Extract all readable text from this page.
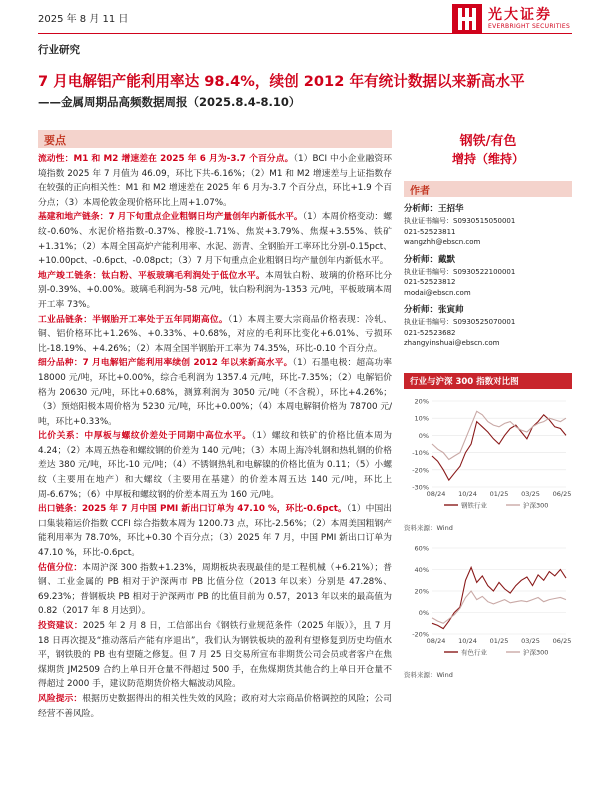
2025 年 8 月 11 日	光大证券
EVERBRIGHT SECURITIES
行业研究
7 月电解铝产能利用率达 98.4%，续创 2012 年有统计数据以来新高水平
——金属周期品高频数据周报（2025.8.4-8.10）
要点
流动性：M1 和 M2 增速差在 2025 年 6 月为-3.7 个百分点。（1）BCI 中小企业融资环境指数 2025 年 7 月值为 46.09，环比下共-6.16%；（2）M1 和 M2 增速差与上证指数存在较强的正向相关性：M1 和 M2 增速差在 2025 年 6 月为-3.7 个百分点，环比+1.9 个百分点；（3）本周伦敦金现价格环比上周+1.07%。
基建和地产链条：7 月下旬重点企业粗钢日均产量创年内新低水平。（1）本周价格变动：螺纹-0.60%、水泥价格指数-0.37%、橡胶-1.71%、焦炭+3.79%、焦煤+3.55%、铁矿+1.31%；（2）本周全国高炉产能利用率、水泥、沥青、全钢胎开工率环比分别-0.15pct、+10.00pct、-0.6pct、-0.08pct；（3）7 月下旬重点企业粗钢日均产量创年内新低水平。
地产竣工链条：钛白粉、平板玻璃毛利润处于低位水平。本周钛白粉、玻璃的价格环比分别-0.39%、+0.00%。玻璃毛利润为-58 元/吨，钛白粉利润为-1353 元/吨，平板玻璃本周开工率 73%。
工业品链条：半钢胎开工率处于五年同期高位。（1）本周主要大宗商品价格表现：冷轧、铜、铝价格环比+1.26%、+0.33%、+0.68%，对应的毛利环比变化+6.01%、亏损环比-18.19%、+4.26%；（2）本周全国半钢胎开工率为 74.35%，环比-0.10 个百分点。
细分品种：7 月电解铝产能利用率续创 2012 年以来新高水平。（1）石墨电极：超高功率 18000 元/吨，环比+0.00%，综合毛利润为 1357.4 元/吨，环比-7.35%；（2）电解铝价格为 20630 元/吨，环比+0.68%，测算利润为 3050 元/吨（不含税），环比+4.26%；（3）预焙阳极本周价格为 5230 元/吨，环比+0.00%；（4）本周电解铜价格为 78700 元/吨，环比+0.33%。
比价关系：中厚板与螺纹价差处于同期中高位水平。（1）螺纹和铁矿的价格比值本周为 4.24；（2）本周五热卷和螺纹钢的价差为 140 元/吨；（3）本周上海冷轧钢和热轧钢的价格差达 380 元/吨，环比-10 元/吨；（4）不锈钢热轧和电解镍的价格比值为 0.11；（5）小螺纹（主要用在地产）和大螺纹（主要用在基建）的价差本周五达 140 元/吨，环比上周-6.67%；（6）中厚板和螺纹钢的价差本周五为 160 元/吨。
出口链条：2025 年 7 月中国 PMI 新出口订单为 47.10 %，环比-0.6pct。（1）中国出口集装箱运价指数 CCFI 综合指数本周为 1200.73 点，环比-2.56%；（2）本周美国粗钢产能利用率为 78.70%，环比+0.30 个百分点；（3）2025 年 7 月，中国 PMI 新出口订单为 47.10 %，环比-0.6pct。
估值分位：本周沪深 300 指数+1.23%，周期板块表现最佳的是工程机械（+6.21%）；普钢、工业金属的 PB 相对于沪深两市 PB 比值分位（2013 年以来）分别是 47.28%、69.23%；普钢板块 PB 相对于沪深两市 PB 的比值目前为 0.57，2013 年以来的最高值为 0.82（2017 年 8 月达到）。
投资建议：2025 年 2 月 8 日，工信部出台《钢铁行业规范条件（2025 年版）》，且 7 月 18 日再次提及“推动落后产能有序退出”，我们认为钢铁板块的盈利有望修复到历史均值水平，钢铁股的 PB 也有望随之修复。但 7 月 25 日交易所宣布非期货公司会员或者客户在焦煤期货 JM2509 合约上单日开仓量不得超过 500 手，在焦煤期货其他合约上单日开仓量不得超过 2000 手，建议防范期货价格大幅波动风险。
风险提示：根据历史数据得出的相关性失效的风险；政府对大宗商品价格调控的风险；公司经营不善风险。
钢铁/有色
增持（维持）
作者
分析师：王招华
执业证书编号：S0930515050001
021-52523811
wangzhh@ebscn.com
分析师：戴默
执业证书编号：S0930522100001
021-52523812
modai@ebscn.com
分析师：张寅帅
执业证书编号：S0930525070001
021-52523682
zhangyinshuai@ebscn.com
行业与沪深 300 指数对比图
20%
10%
0%
-10%
-20%
-30%
08/24 10/24 01/25 03/25 06/25
钢铁行业	沪深300
资料来源：Wind
60%
40%
20%
0%
-20%
08/24 10/24 01/25 03/25 06/25
有色行业	沪深300
资料来源：Wind
